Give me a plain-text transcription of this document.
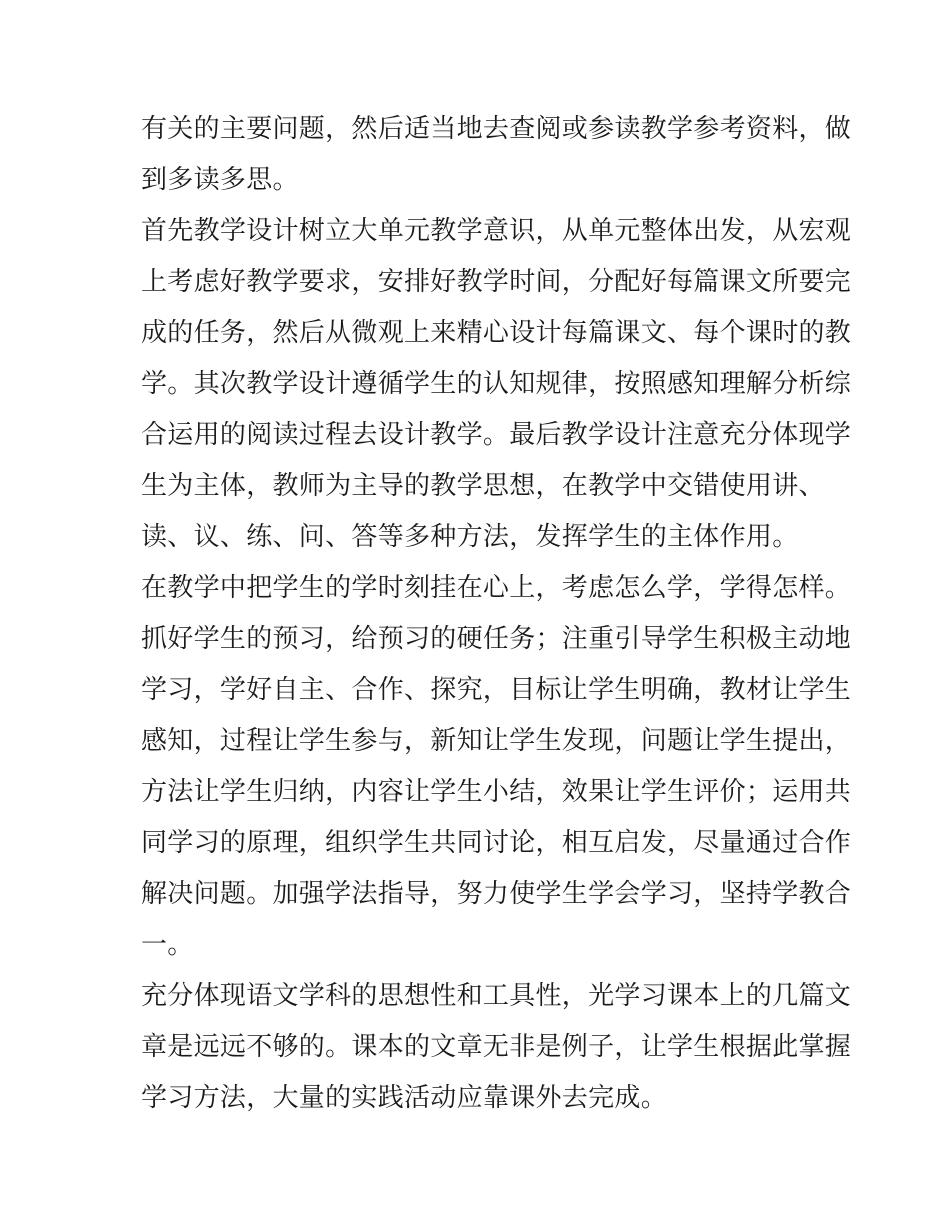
有关的主要问题，然后适当地去查阅或参读教学参考资料，做
到多读多思。
首先教学设计树立大单元教学意识，从单元整体出发，从宏观
上考虑好教学要求，安排好教学时间，分配好每篇课文所要完
成的任务，然后从微观上来精心设计每篇课文、每个课时的教
学。其次教学设计遵循学生的认知规律，按照感知理解分析综
合运用的阅读过程去设计教学。最后教学设计注意充分体现学
生为主体，教师为主导的教学思想，在教学中交错使用讲、
读、议、练、问、答等多种方法，发挥学生的主体作用。
在教学中把学生的学时刻挂在心上，考虑怎么学，学得怎样。
抓好学生的预习，给预习的硬任务；注重引导学生积极主动地
学习，学好自主、合作、探究，目标让学生明确，教材让学生
感知，过程让学生参与，新知让学生发现，问题让学生提出，
方法让学生归纳，内容让学生小结，效果让学生评价；运用共
同学习的原理，组织学生共同讨论，相互启发，尽量通过合作
解决问题。加强学法指导，努力使学生学会学习，坚持学教合
一。
充分体现语文学科的思想性和工具性，光学习课本上的几篇文
章是远远不够的。课本的文章无非是例子，让学生根据此掌握
学习方法，大量的实践活动应靠课外去完成。
